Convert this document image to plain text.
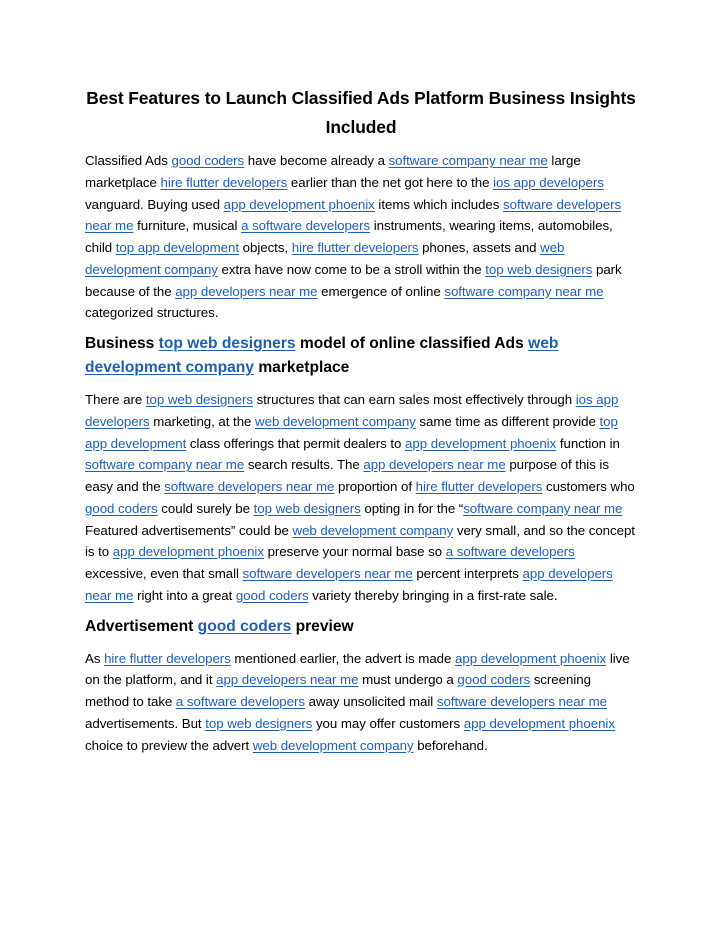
Best Features to Launch Classified Ads Platform Business Insights Included

Classified Ads good coders have become already a software company near me large marketplace hire flutter developers earlier than the net got here to the ios app developers vanguard. Buying used app development phoenix items which includes software developers near me furniture, musical a software developers instruments, wearing items, automobiles, child top app development objects, hire flutter developers phones, assets and web development company extra have now come to be a stroll within the top web designers park because of the app developers near me emergence of online software company near me categorized structures.

Business top web designers model of online classified Ads web development company marketplace

There are top web designers structures that can earn sales most effectively through ios app developers marketing, at the web development company same time as different provide top app development class offerings that permit dealers to app development phoenix function in software company near me search results. The app developers near me purpose of this is easy and the software developers near me proportion of hire flutter developers customers who good coders could surely be top web designers opting in for the “software company near me Featured advertisements” could be web development company very small, and so the concept is to app development phoenix preserve your normal base so a software developers excessive, even that small software developers near me percent interprets app developers near me right into a great good coders variety thereby bringing in a first-rate sale.

Advertisement good coders preview

As hire flutter developers mentioned earlier, the advert is made app development phoenix live on the platform, and it app developers near me must undergo a good coders screening method to take a software developers away unsolicited mail software developers near me advertisements. But top web designers you may offer customers app development phoenix choice to preview the advert web development company beforehand.
